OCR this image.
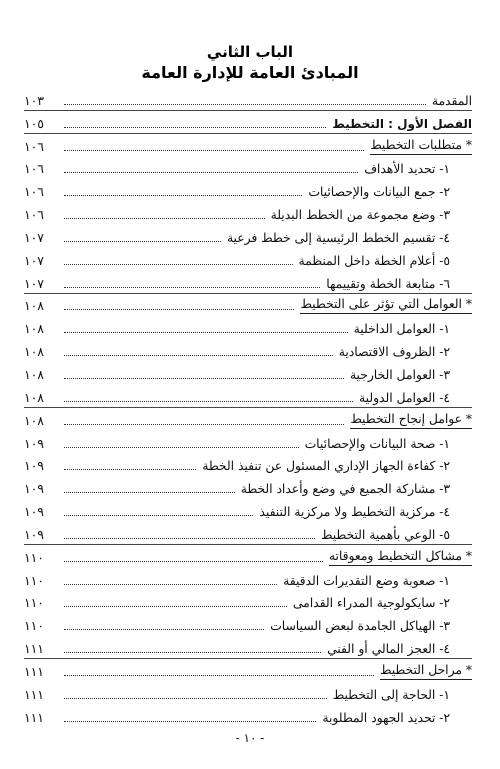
الباب الثاني
المبادئ العامة للإدارة العامة
المقدمة
١٠٣
الفصل الأول : التخطيط
١٠٥
* متطلبات التخطيط
١٠٦
١- تحديد الأهداف
١٠٦
٢- جمع البيانات والإحصائيات
١٠٦
٣- وضع مجموعة من الخطط البديلة
١٠٦
٤- تقسيم الخطط الرئيسية إلى خطط فرعية
١٠٧
٥- أعلام الخطة داخل المنظمة
١٠٧
٦- متابعة الخطة وتقييمها
١٠٧
* العوامل التي تؤثر على التخطيط
١٠٨
١- العوامل الداخلية
١٠٨
٢- الظروف الاقتصادية
١٠٨
٣- العوامل الخارجية
١٠٨
٤- العوامل الدولية
١٠٨
* عوامل إنجاح التخطيط
١٠٨
١- صحة البيانات والإحصائيات
١٠٩
٢- كفاءة الجهاز الإداري المسئول عن تنفيذ الخطة
١٠٩
٣- مشاركة الجميع في وضع وأعداد الخطة
١٠٩
٤- مركزية التخطيط ولا مركزية التنفيذ
١٠٩
٥- الوعي بأهمية التخطيط
١٠٩
* مشاكل التخطيط ومعوقاته
١١٠
١- صعوبة وضع التقديرات الدقيقة
١١٠
٢- سايكولوجية المدراء القدامى
١١٠
٣- الهياكل الجامدة لبعض السياسات
١١٠
٤- العجز المالي أو الفني
١١١
* مراحل التخطيط
١١١
١- الحاجة إلى التخطيط
١١١
٢- تحديد الجهود المطلوبة
١١١
- ١٠ -
